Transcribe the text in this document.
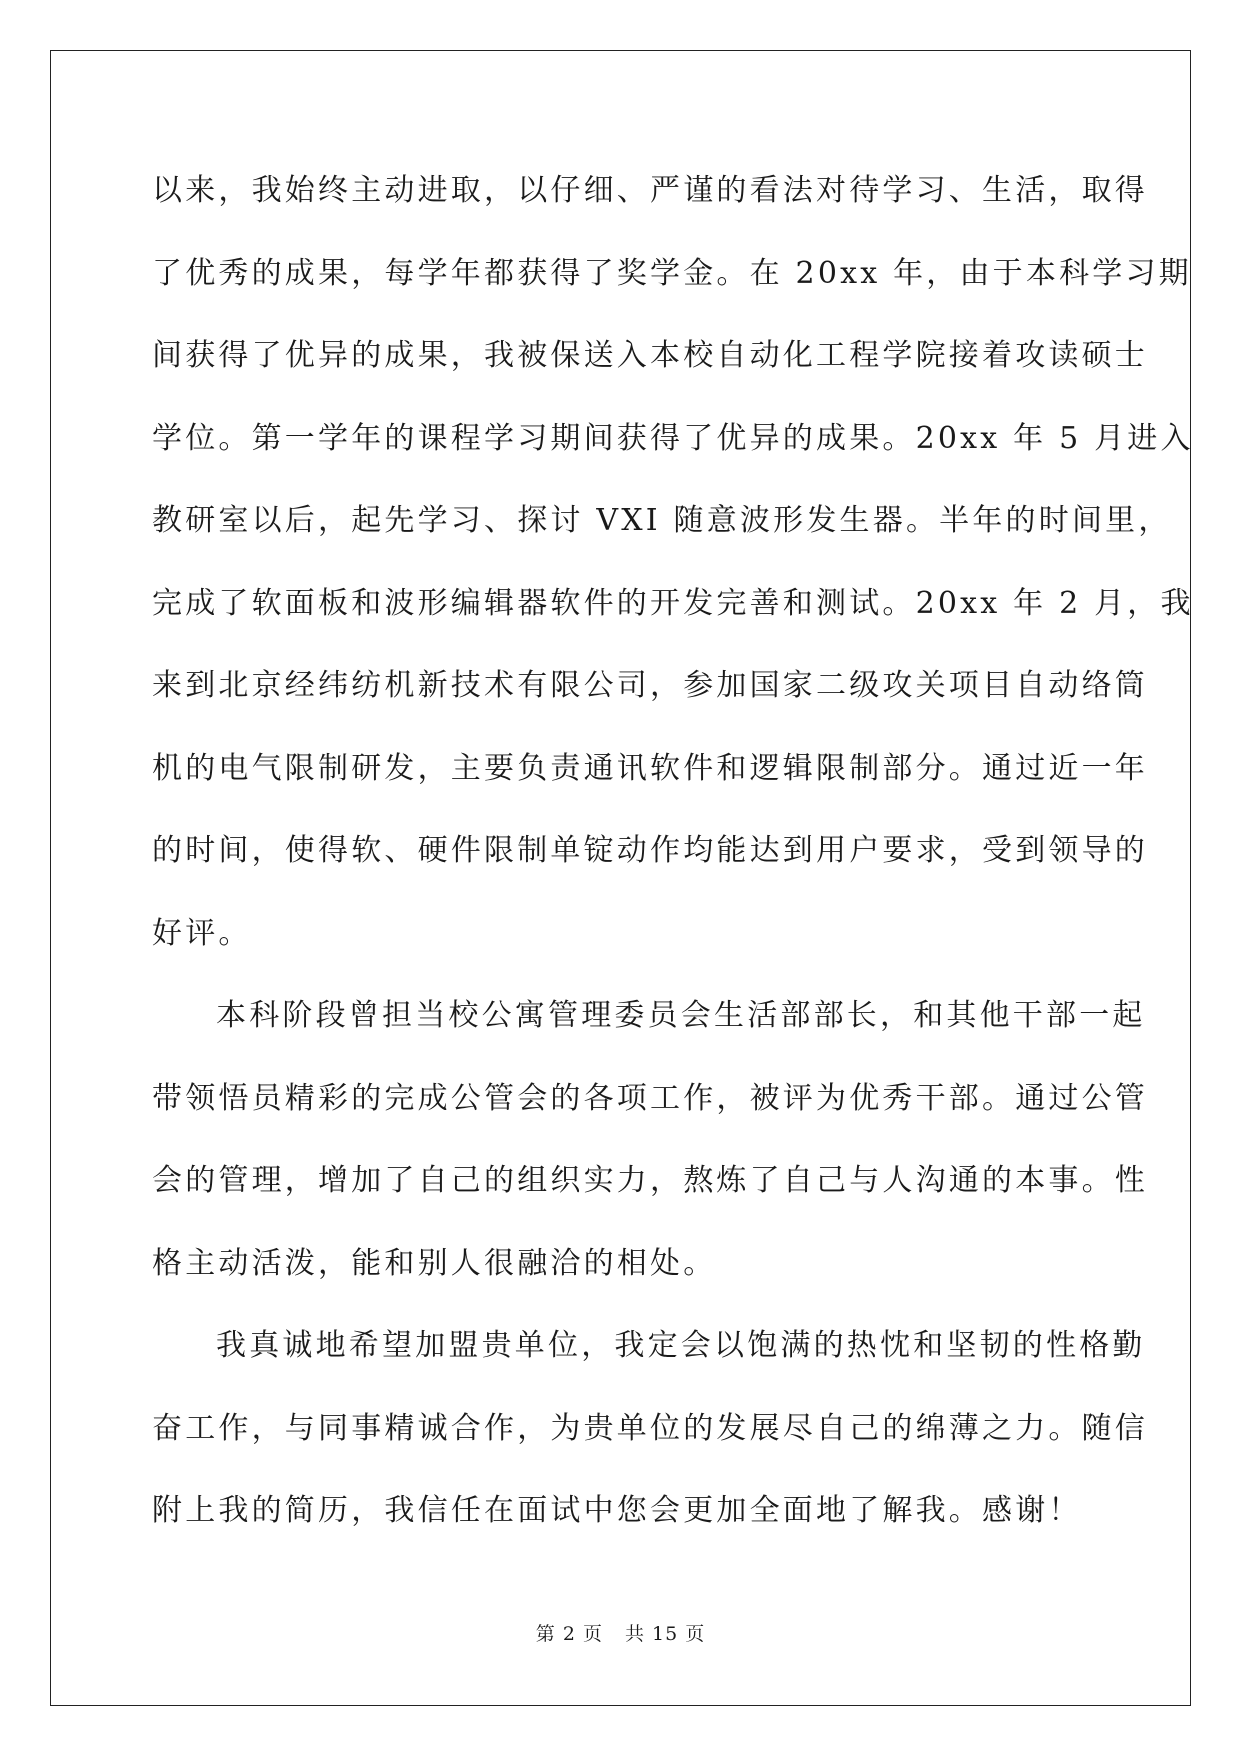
以来，我始终主动进取，以仔细、严谨的看法对待学习、生活，取得
了优秀的成果，每学年都获得了奖学金。在 20xx 年，由于本科学习期
间获得了优异的成果，我被保送入本校自动化工程学院接着攻读硕士
学位。第一学年的课程学习期间获得了优异的成果。20xx 年 5 月进入
教研室以后，起先学习、探讨 VXI 随意波形发生器。半年的时间里，
完成了软面板和波形编辑器软件的开发完善和测试。20xx 年 2 月，我
来到北京经纬纺机新技术有限公司，参加国家二级攻关项目自动络筒
机的电气限制研发，主要负责通讯软件和逻辑限制部分。通过近一年
的时间，使得软、硬件限制单锭动作均能达到用户要求，受到领导的
好评。
本科阶段曾担当校公寓管理委员会生活部部长，和其他干部一起
带领悟员精彩的完成公管会的各项工作，被评为优秀干部。通过公管
会的管理，增加了自己的组织实力，熬炼了自己与人沟通的本事。性
格主动活泼，能和别人很融洽的相处。
我真诚地希望加盟贵单位，我定会以饱满的热忱和坚韧的性格勤
奋工作，与同事精诚合作，为贵单位的发展尽自己的绵薄之力。随信
附上我的简历，我信任在面试中您会更加全面地了解我。感谢！
第 2 页 共 15 页
